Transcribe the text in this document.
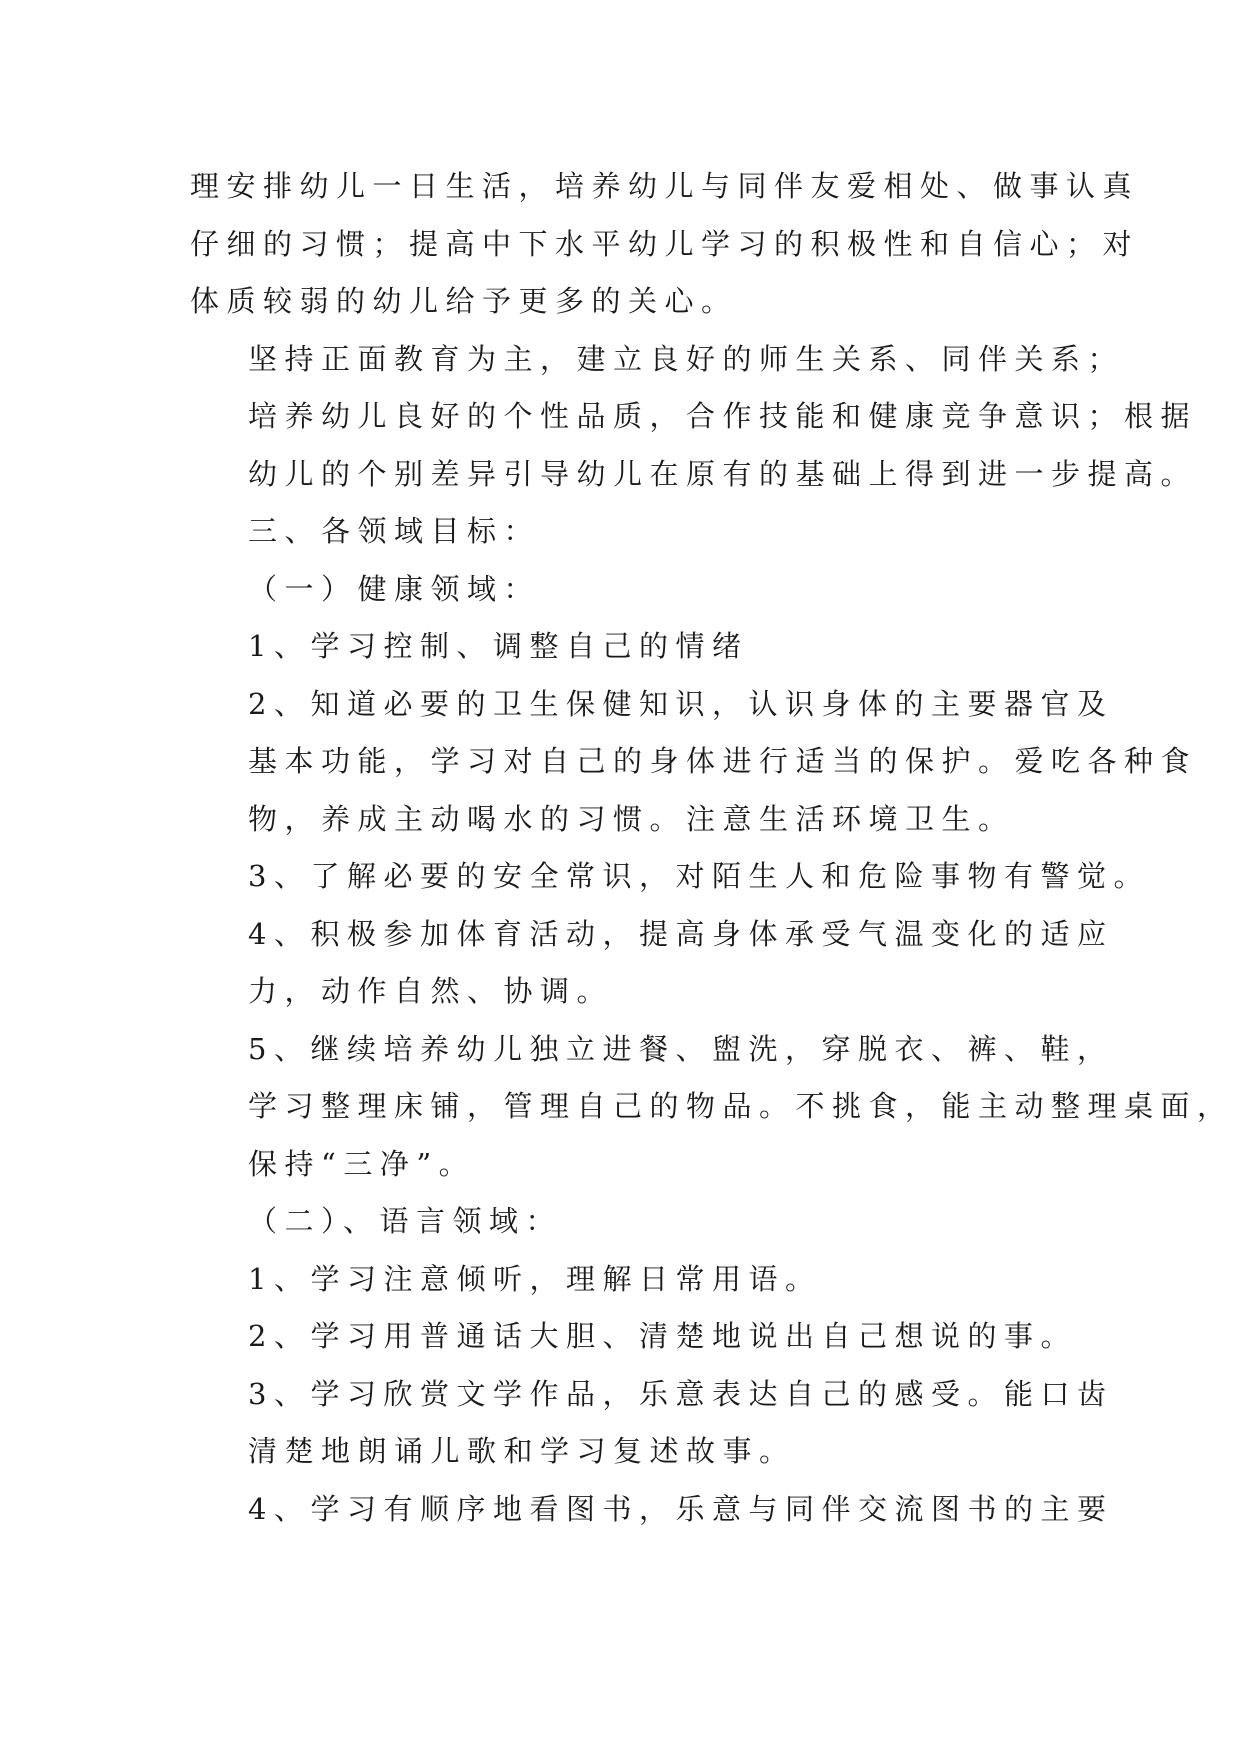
理安排幼儿一日生活，培养幼儿与同伴友爱相处、做事认真
仔细的习惯；提高中下水平幼儿学习的积极性和自信心；对
体质较弱的幼儿给予更多的关心。

坚持正面教育为主，建立良好的师生关系、同伴关系；
培养幼儿良好的个性品质，合作技能和健康竞争意识；根据
幼儿的个别差异引导幼儿在原有的基础上得到进一步提高。

三、各领域目标：

（一）健康领域：

1、学习控制、调整自己的情绪

2、知道必要的卫生保健知识，认识身体的主要器官及
基本功能，学习对自己的身体进行适当的保护。爱吃各种食
物，养成主动喝水的习惯。注意生活环境卫生。

3、了解必要的安全常识，对陌生人和危险事物有警觉。

4、积极参加体育活动，提高身体承受气温变化的适应
力，动作自然、协调。

5、继续培养幼儿独立进餐、盥洗，穿脱衣、裤、鞋，
学习整理床铺，管理自己的物品。不挑食，能主动整理桌面，
保持“三净”。

（二）、语言领域：

1、学习注意倾听，理解日常用语。

2、学习用普通话大胆、清楚地说出自己想说的事。

3、学习欣赏文学作品，乐意表达自己的感受。能口齿
清楚地朗诵儿歌和学习复述故事。

4、学习有顺序地看图书，乐意与同伴交流图书的主要
